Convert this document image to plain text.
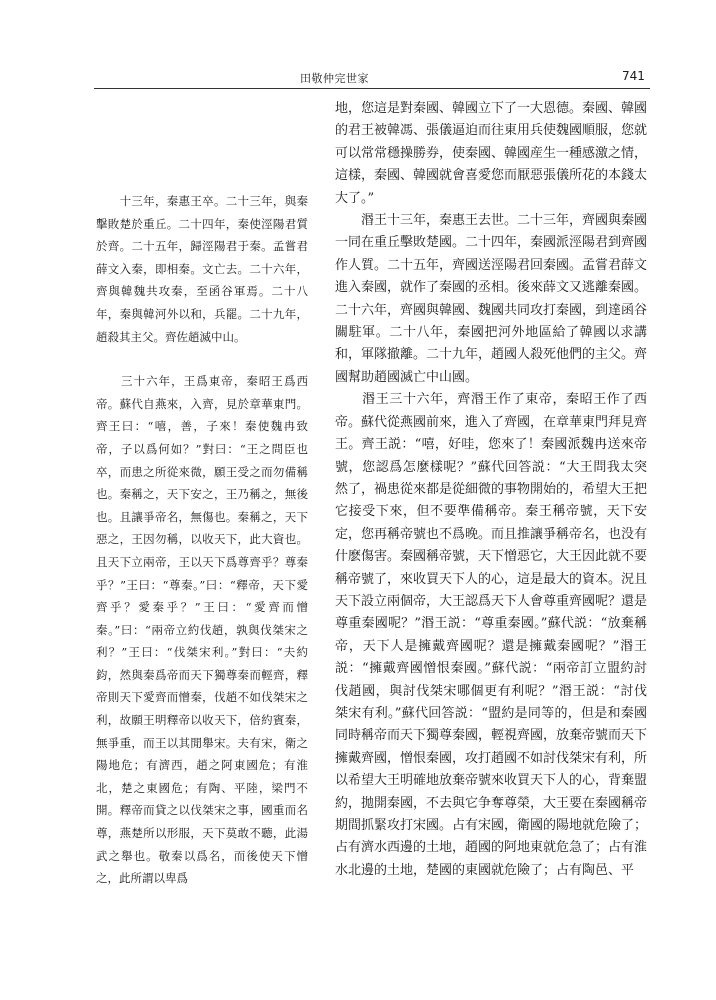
田敬仲完世家	741

　　十三年，秦惠王卒。二十三年，與秦擊敗楚於重丘。二十四年，秦使涇陽君質於齊。二十五年，歸涇陽君于秦。孟嘗君薛文入秦，即相秦。文亡去。二十六年，齊與韓魏共攻秦，至函谷軍焉。二十八年，秦與韓河外以和，兵罷。二十九年，趙殺其主父。齊佐趙滅中山。

　　三十六年，王爲東帝，秦昭王爲西帝。蘇代自燕來，入齊，見於章華東門。齊王曰：“嘻，善，子來！秦使魏冉致帝，子以爲何如？”對曰：“王之問臣也卒，而患之所從來微，願王受之而勿備稱也。秦稱之，天下安之，王乃稱之，無後也。且讓爭帝名，無傷也。秦稱之，天下惡之，王因勿稱，以收天下，此大資也。且天下立兩帝，王以天下爲尊齊乎？尊秦乎？”王曰：“尊秦。”曰：“釋帝，天下愛齊乎？愛秦乎？”王曰：“愛齊而憎秦。”曰：“兩帝立約伐趙，孰與伐桀宋之利？”王曰：“伐桀宋利。”對曰：“夫約鈞，然與秦爲帝而天下獨尊秦而輕齊，釋帝則天下愛齊而憎秦，伐趙不如伐桀宋之利，故願王明釋帝以收天下，倍約賓秦，無爭重，而王以其閒舉宋。夫有宋，衛之陽地危；有濟西，趙之阿東國危；有淮北，楚之東國危；有陶、平陸，梁門不開。釋帝而貸之以伐桀宋之事，國重而名尊，燕楚所以形服，天下莫敢不聽，此湯武之舉也。敬秦以爲名，而後使天下憎之，此所謂以卑爲

地，您這是對秦國、韓國立下了一大恩德。秦國、韓國的君王被韓馮、張儀逼迫而往東用兵使魏國順服，您就可以常常穩操勝券，使秦國、韓國産生一種感激之情，這樣，秦國、韓國就會喜愛您而厭惡張儀所花的本錢太大了。”

　　湣王十三年，秦惠王去世。二十三年，齊國與秦國一同在重丘擊敗楚國。二十四年，秦國派涇陽君到齊國作人質。二十五年，齊國送涇陽君回秦國。孟嘗君薛文進入秦國，就作了秦國的丞相。後來薛文又逃離秦國。二十六年，齊國與韓國、魏國共同攻打秦國，到達函谷關駐軍。二十八年，秦國把河外地區給了韓國以求講和，軍隊撤離。二十九年，趙國人殺死他們的主父。齊國幫助趙國滅亡中山國。

　　湣王三十六年，齊湣王作了東帝，秦昭王作了西帝。蘇代從燕國前來，進入了齊國，在章華東門拜見齊王。齊王説：“嘻，好哇，您來了！秦國派魏冉送來帝號，您認爲怎麼樣呢？”蘇代回答説：“大王問我太突然了，禍患從來都是從細微的事物開始的，希望大王把它接受下來，但不要準備稱帝。秦王稱帝號，天下安定，您再稱帝號也不爲晚。而且推讓爭稱帝名，也没有什麽傷害。秦國稱帝號，天下憎惡它，大王因此就不要稱帝號了，來收買天下人的心，這是最大的資本。況且天下設立兩個帝，大王認爲天下人會尊重齊國呢？還是尊重秦國呢？”湣王説：“尊重秦國。”蘇代説：“放棄稱帝，天下人是擁戴齊國呢？還是擁戴秦國呢？”湣王説：“擁戴齊國憎恨秦國。”蘇代説：“兩帝訂立盟約討伐趙國，與討伐桀宋哪個更有利呢？”湣王説：“討伐桀宋有利。”蘇代回答説：“盟約是同等的，但是和秦國同時稱帝而天下獨尊秦國，輕視齊國，放棄帝號而天下擁戴齊國，憎恨秦國，攻打趙國不如討伐桀宋有利，所以希望大王明確地放棄帝號來收買天下人的心，背棄盟約，拋開秦國，不去與它争奪尊榮，大王要在秦國稱帝期間抓緊攻打宋國。占有宋國，衛國的陽地就危險了；占有濟水西邊的土地，趙國的阿地東就危急了；占有淮水北邊的土地，楚國的東國就危險了；占有陶邑、平
